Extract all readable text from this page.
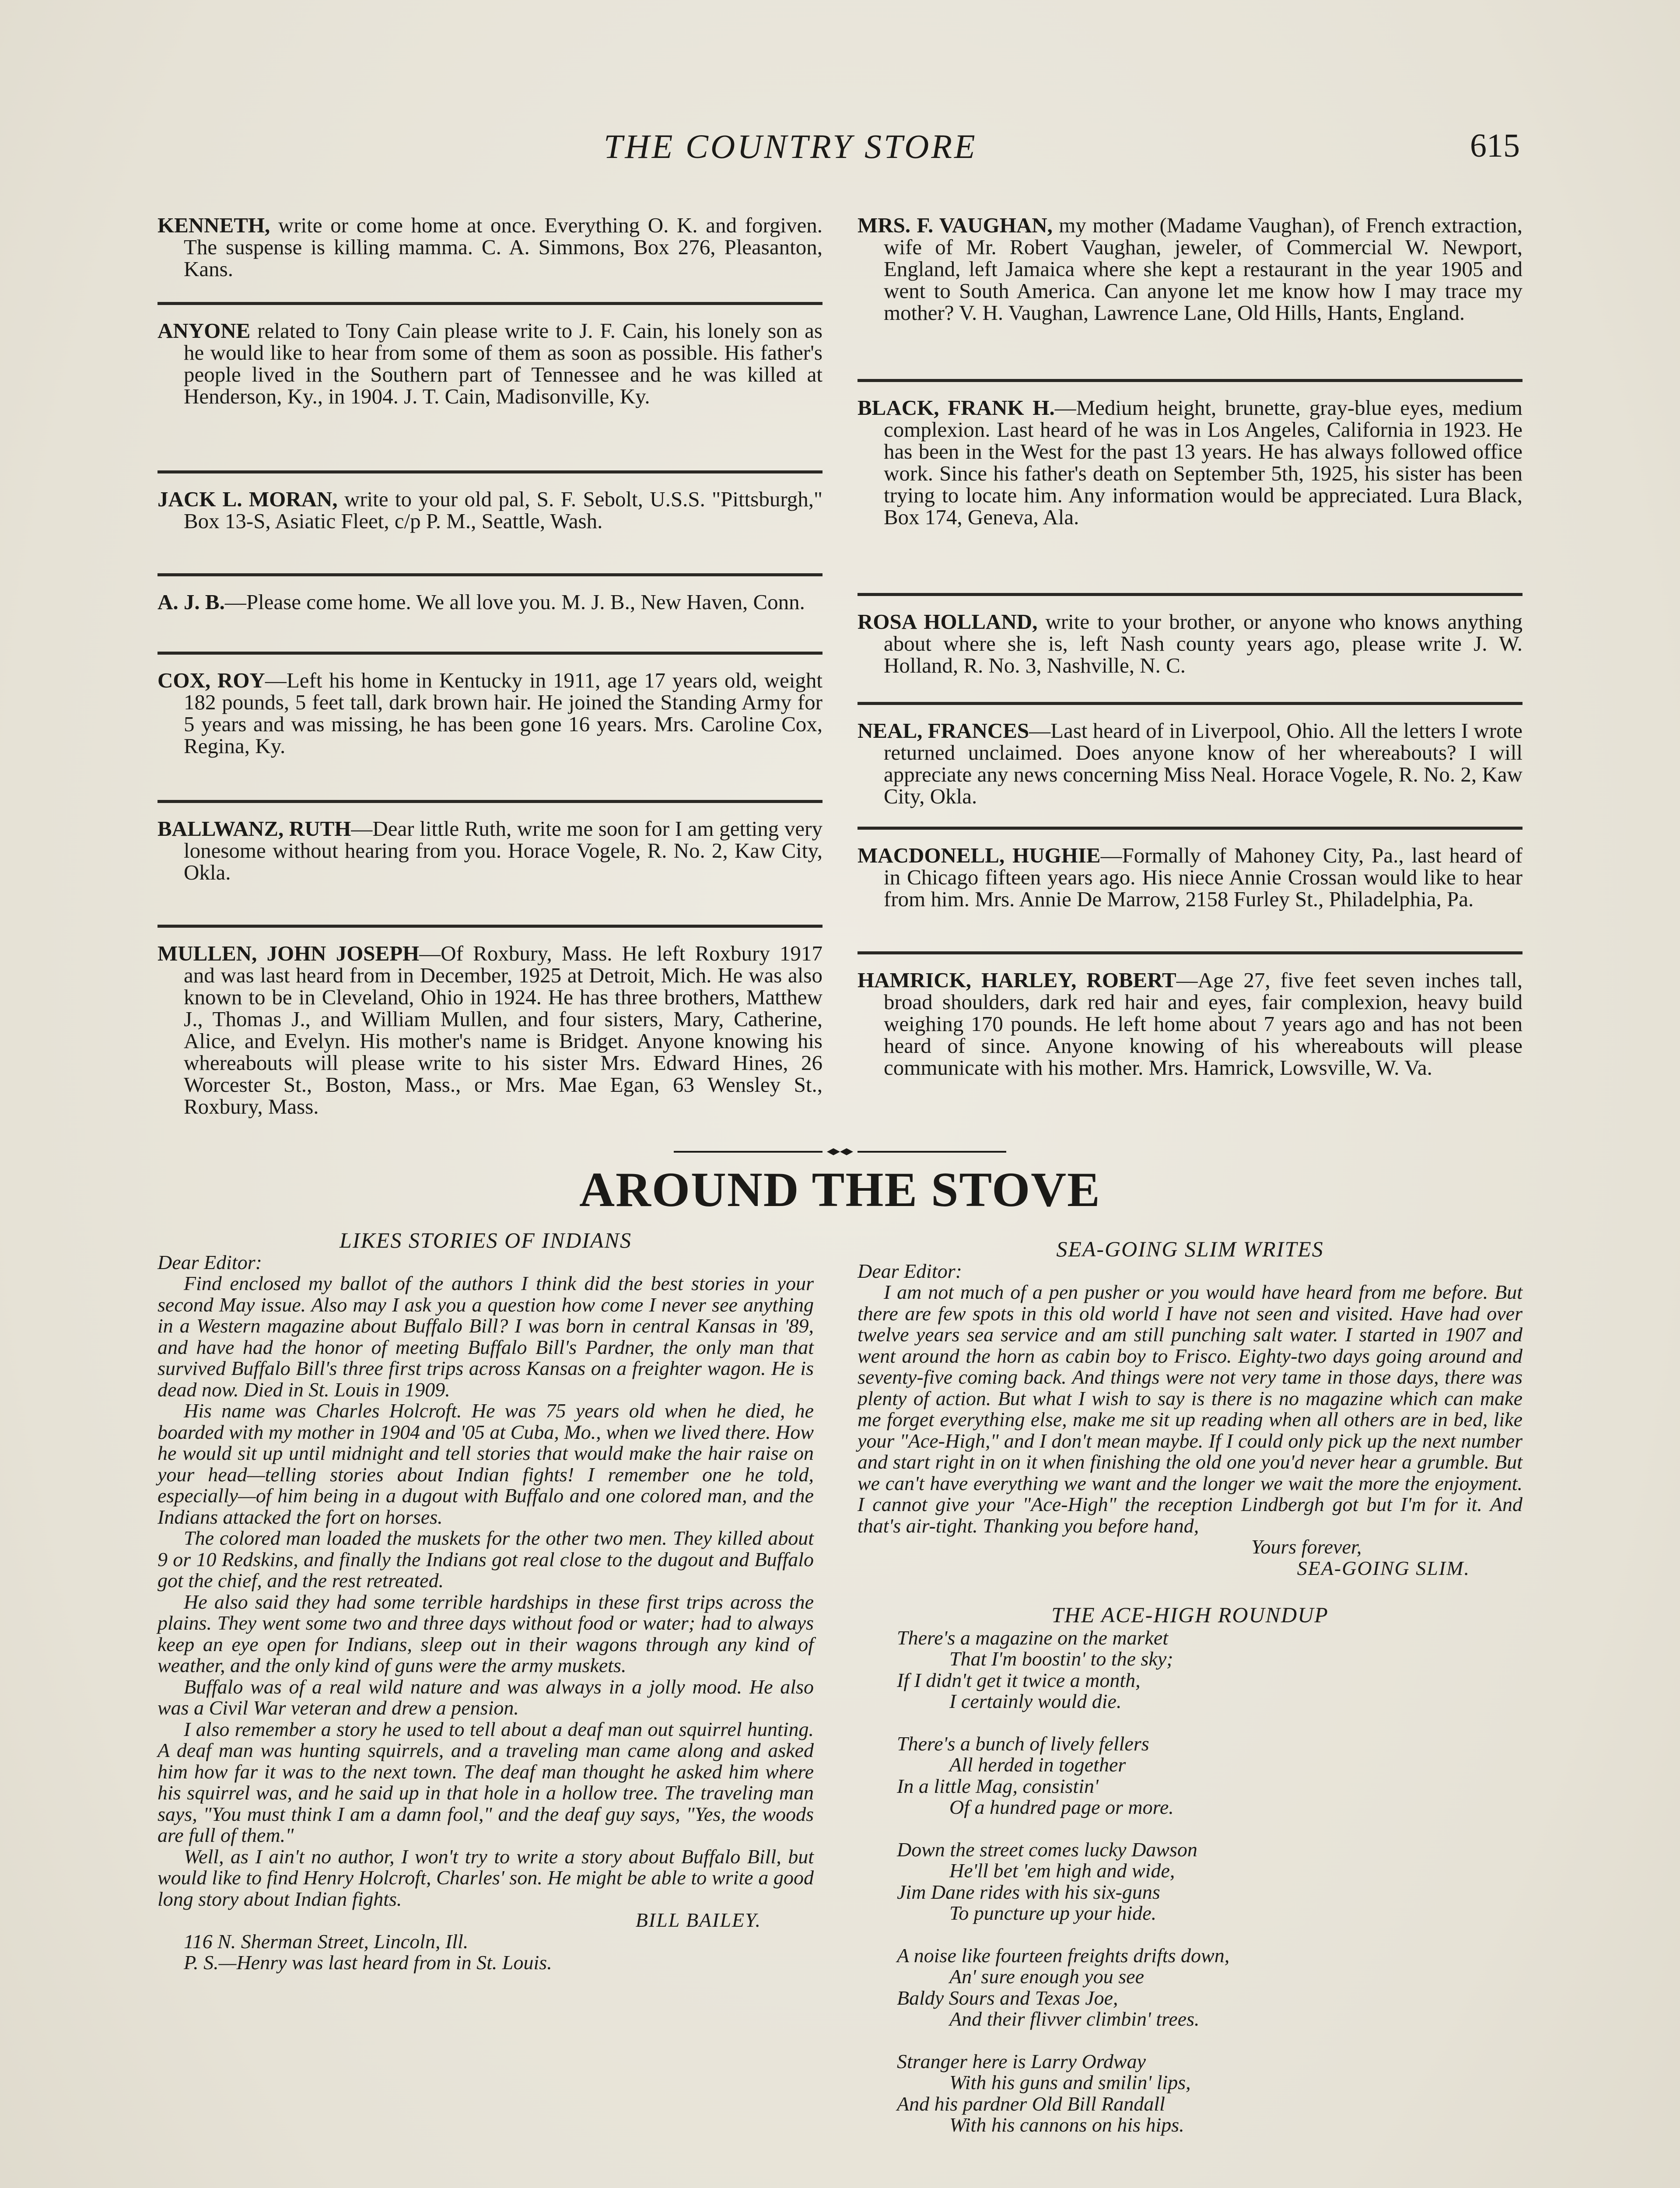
THE COUNTRY STORE	615
KENNETH, write or come home at once. Everything O. K. and forgiven. The suspense is killing mamma. C. A. Simmons, Box 276, Pleasanton, Kans.
ANYONE related to Tony Cain please write to J. F. Cain, his lonely son as he would like to hear from some of them as soon as possible. His father's people lived in the Southern part of Tennessee and he was killed at Henderson, Ky., in 1904. J. T. Cain, Madisonville, Ky.
JACK L. MORAN, write to your old pal, S. F. Sebolt, U.S.S. "Pittsburgh," Box 13-S, Asiatic Fleet, c/p P. M., Seattle, Wash.
A. J. B.—Please come home. We all love you. M. J. B., New Haven, Conn.
COX, ROY—Left his home in Kentucky in 1911, age 17 years old, weight 182 pounds, 5 feet tall, dark brown hair. He joined the Standing Army for 5 years and was missing, he has been gone 16 years. Mrs. Caroline Cox, Regina, Ky.
BALLWANZ, RUTH—Dear little Ruth, write me soon for I am getting very lonesome without hearing from you. Horace Vogele, R. No. 2, Kaw City, Okla.
MULLEN, JOHN JOSEPH—Of Roxbury, Mass. He left Roxbury 1917 and was last heard from in December, 1925 at Detroit, Mich. He was also known to be in Cleveland, Ohio in 1924. He has three brothers, Matthew J., Thomas J., and William Mullen, and four sisters, Mary, Catherine, Alice, and Evelyn. His mother's name is Bridget. Anyone knowing his whereabouts will please write to his sister Mrs. Edward Hines, 26 Worcester St., Boston, Mass., or Mrs. Mae Egan, 63 Wensley St., Roxbury, Mass.
MRS. F. VAUGHAN, my mother (Madame Vaughan), of French extraction, wife of Mr. Robert Vaughan, jeweler, of Commercial W. Newport, England, left Jamaica where she kept a restaurant in the year 1905 and went to South America. Can anyone let me know how I may trace my mother? V. H. Vaughan, Lawrence Lane, Old Hills, Hants, England.
BLACK, FRANK H.—Medium height, brunette, gray-blue eyes, medium complexion. Last heard of he was in Los Angeles, California in 1923. He has been in the West for the past 13 years. He has always followed office work. Since his father's death on September 5th, 1925, his sister has been trying to locate him. Any information would be appreciated. Lura Black, Box 174, Geneva, Ala.
ROSA HOLLAND, write to your brother, or anyone who knows anything about where she is, left Nash county years ago, please write J. W. Holland, R. No. 3, Nashville, N. C.
NEAL, FRANCES—Last heard of in Liverpool, Ohio. All the letters I wrote returned unclaimed. Does anyone know of her whereabouts? I will appreciate any news concerning Miss Neal. Horace Vogele, R. No. 2, Kaw City, Okla.
MACDONELL, HUGHIE—Formally of Mahoney City, Pa., last heard of in Chicago fifteen years ago. His niece Annie Crossan would like to hear from him. Mrs. Annie De Marrow, 2158 Furley St., Philadelphia, Pa.
HAMRICK, HARLEY, ROBERT—Age 27, five feet seven inches tall, broad shoulders, dark red hair and eyes, fair complexion, heavy build weighing 170 pounds. He left home about 7 years ago and has not been heard of since. Anyone knowing of his whereabouts will please communicate with his mother. Mrs. Hamrick, Lowsville, W. Va.
AROUND THE STOVE
LIKES STORIES OF INDIANS

Dear Editor:

Find enclosed my ballot of the authors I think did the best stories in your second May issue. Also may I ask you a question how come I never see anything in a Western magazine about Buffalo Bill? I was born in central Kansas in '89, and have had the honor of meeting Buffalo Bill's Pardner, the only man that survived Buffalo Bill's three first trips across Kansas on a freighter wagon. He is dead now. Died in St. Louis in 1909.

His name was Charles Holcroft. He was 75 years old when he died, he boarded with my mother in 1904 and '05 at Cuba, Mo., when we lived there. How he would sit up until midnight and tell stories that would make the hair raise on your head—telling stories about Indian fights! I remember one he told, especially—of him being in a dugout with Buffalo and one colored man, and the Indians attacked the fort on horses.

The colored man loaded the muskets for the other two men. They killed about 9 or 10 Redskins, and finally the Indians got real close to the dugout and Buffalo got the chief, and the rest retreated.

He also said they had some terrible hardships in these first trips across the plains. They went some two and three days without food or water; had to always keep an eye open for Indians, sleep out in their wagons through any kind of weather, and the only kind of guns were the army muskets.

Buffalo was of a real wild nature and was always in a jolly mood. He also was a Civil War veteran and drew a pension.

I also remember a story he used to tell about a deaf man out squirrel hunting. A deaf man was hunting squirrels, and a traveling man came along and asked him how far it was to the next town. The deaf man thought he asked him where his squirrel was, and he said up in that hole in a hollow tree. The traveling man says, "You must think I am a damn fool," and the deaf guy says, "Yes, the woods are full of them."

Well, as I ain't no author, I won't try to write a story about Buffalo Bill, but would like to find Henry Holcroft, Charles' son. He might be able to write a good long story about Indian fights.

BILL BAILEY.

116 N. Sherman Street, Lincoln, Ill.

P. S.—Henry was last heard from in St. Louis.

SEA-GOING SLIM WRITES

Dear Editor:

I am not much of a pen pusher or you would have heard from me before. But there are few spots in this old world I have not seen and visited. Have had over twelve years sea service and am still punching salt water. I started in 1907 and went around the horn as cabin boy to Frisco. Eighty-two days going around and seventy-five coming back. And things were not very tame in those days, there was plenty of action. But what I wish to say is there is no magazine which can make me forget everything else, make me sit up reading when all others are in bed, like your "Ace-High," and I don't mean maybe. If I could only pick up the next number and start right in on it when finishing the old one you'd never hear a grumble. But we can't have everything we want and the longer we wait the more the enjoyment. I cannot give your "Ace-High" the reception Lindbergh got but I'm for it. And that's air-tight. Thanking you before hand,

Yours forever,

SEA-GOING SLIM.

THE ACE-HIGH ROUNDUP
There's a magazine on the market
That I'm boostin' to the sky;
If I didn't get it twice a month,
I certainly would die.
There's a bunch of lively fellers
All herded in together
In a little Mag, consistin'
Of a hundred page or more.
Down the street comes lucky Dawson
He'll bet 'em high and wide,
Jim Dane rides with his six-guns
To puncture up your hide.
A noise like fourteen freights drifts down,
An' sure enough you see
Baldy Sours and Texas Joe,
And their flivver climbin' trees.
Stranger here is Larry Ordway
With his guns and smilin' lips,
And his pardner Old Bill Randall
With his cannons on his hips.
